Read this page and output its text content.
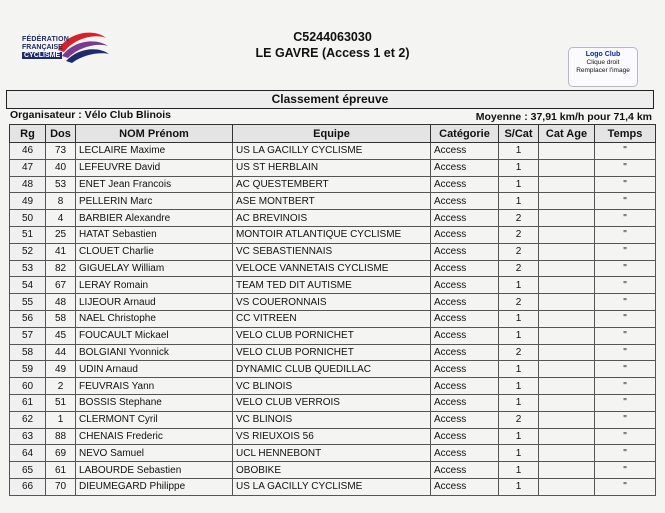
FÉDÉRATION
FRANÇAISE
CYCLISME
C5244063030
LE GAVRE (Access 1 et 2)	Logo Club
Clique droit
Remplacer l'image
Classement épreuve
Organisateur : Vélo Club Blinois	Moyenne : 37,91 km/h pour 71,4 km
Rg	Dos	NOM Prénom	Equipe	Catégorie	S/Cat	Cat Age	Temps
46	73	LECLAIRE Maxime	US LA GACILLY CYCLISME	Access	1		"
47	40	LEFEUVRE David	US ST HERBLAIN	Access	1		"
48	53	ENET Jean Francois	AC QUESTEMBERT	Access	1		"
49	8	PELLERIN Marc	ASE MONTBERT	Access	1		"
50	4	BARBIER Alexandre	AC BREVINOIS	Access	2		"
51	25	HATAT Sebastien	MONTOIR ATLANTIQUE CYCLISME	Access	2		"
52	41	CLOUET Charlie	VC SEBASTIENNAIS	Access	2		"
53	82	GIGUELAY William	VELOCE VANNETAIS CYCLISME	Access	2		"
54	67	LERAY Romain	TEAM TED DIT AUTISME	Access	1		"
55	48	LIJEOUR Arnaud	VS COUERONNAIS	Access	2		"
56	58	NAEL Christophe	CC VITREEN	Access	1		"
57	45	FOUCAULT Mickael	VELO CLUB PORNICHET	Access	1		"
58	44	BOLGIANI Yvonnick	VELO CLUB PORNICHET	Access	2		"
59	49	UDIN Arnaud	DYNAMIC CLUB QUEDILLAC	Access	1		"
60	2	FEUVRAIS Yann	VC BLINOIS	Access	1		"
61	51	BOSSIS Stephane	VELO CLUB VERROIS	Access	1		"
62	1	CLERMONT Cyril	VC BLINOIS	Access	2		"
63	88	CHENAIS Frederic	VS RIEUXOIS 56	Access	1		"
64	69	NEVO Samuel	UCL HENNEBONT	Access	1		"
65	61	LABOURDE Sebastien	OBOBIKE	Access	1		"
66	70	DIEUMEGARD Philippe	US LA GACILLY CYCLISME	Access	1		"
